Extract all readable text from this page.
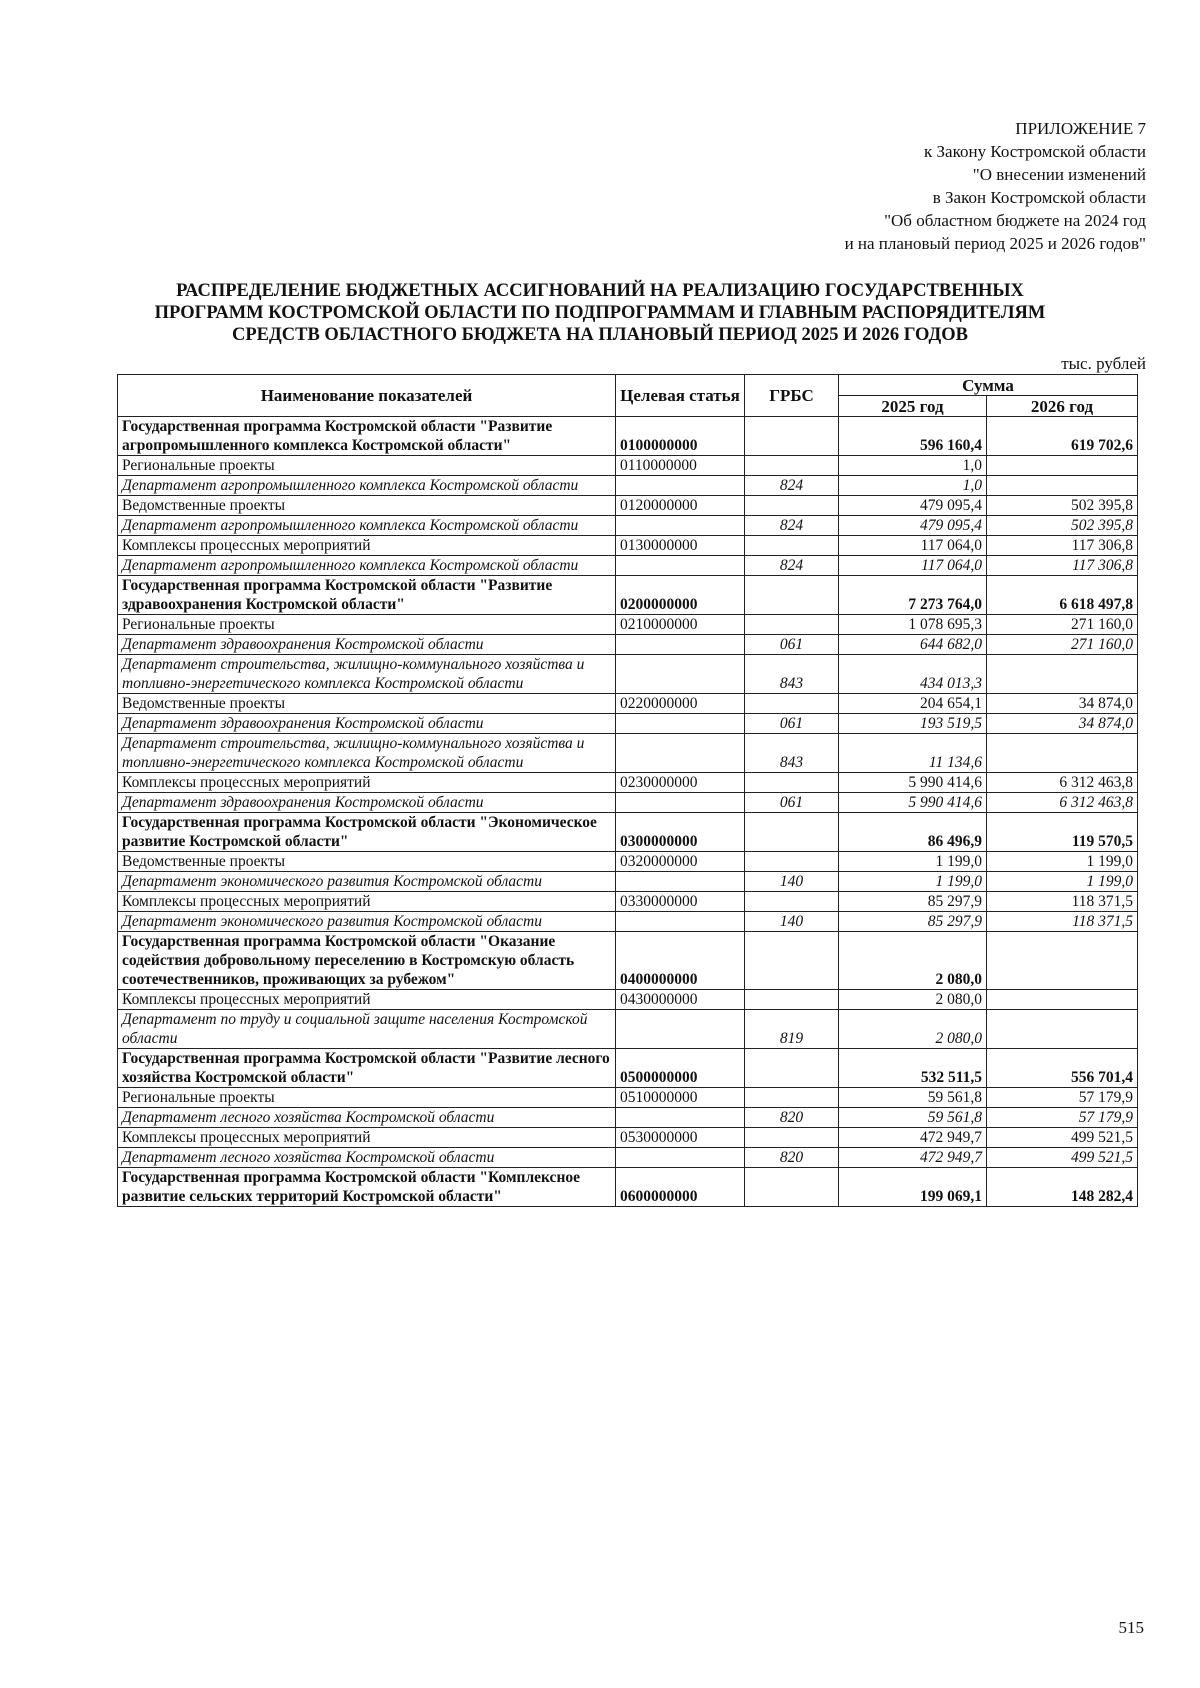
ПРИЛОЖЕНИЕ 7
к Закону Костромской области
"О внесении изменений
в Закон Костромской области
"Об областном бюджете на 2024 год
и на плановый период 2025 и 2026 годов"
РАСПРЕДЕЛЕНИЕ БЮДЖЕТНЫХ АССИГНОВАНИЙ НА РЕАЛИЗАЦИЮ ГОСУДАРСТВЕННЫХ
ПРОГРАММ КОСТРОМСКОЙ ОБЛАСТИ ПО ПОДПРОГРАММАМ И ГЛАВНЫМ РАСПОРЯДИТЕЛЯМ
СРЕДСТВ ОБЛАСТНОГО БЮДЖЕТА НА ПЛАНОВЫЙ ПЕРИОД 2025 И 2026 ГОДОВ
тыс. рублей
Наименование показателей	Целевая статья	ГРБС	Сумма	
			2025 год	2026 год
Государственная программа Костромской области "Развитие агропромышленного комплекса Костромской области"	0100000000		596 160,4	619 702,6
Региональные проекты	0110000000		1,0	
Департамент агропромышленного комплекса Костромской области		824	1,0	
Ведомственные проекты	0120000000		479 095,4	502 395,8
Департамент агропромышленного комплекса Костромской области		824	479 095,4	502 395,8
Комплексы процессных мероприятий	0130000000		117 064,0	117 306,8
Департамент агропромышленного комплекса Костромской области		824	117 064,0	117 306,8
Государственная программа Костромской области "Развитие здравоохранения Костромской области"	0200000000		7 273 764,0	6 618 497,8
Региональные проекты	0210000000		1 078 695,3	271 160,0
Департамент здравоохранения Костромской области		061	644 682,0	271 160,0
Департамент строительства, жилищно-коммунального хозяйства и топливно-энергетического комплекса Костромской области		843	434 013,3	
Ведомственные проекты	0220000000		204 654,1	34 874,0
Департамент здравоохранения Костромской области		061	193 519,5	34 874,0
Департамент строительства, жилищно-коммунального хозяйства и топливно-энергетического комплекса Костромской области		843	11 134,6	
Комплексы процессных мероприятий	0230000000		5 990 414,6	6 312 463,8
Департамент здравоохранения Костромской области		061	5 990 414,6	6 312 463,8
Государственная программа Костромской области "Экономическое развитие Костромской области"	0300000000		86 496,9	119 570,5
Ведомственные проекты	0320000000		1 199,0	1 199,0
Департамент экономического развития Костромской области		140	1 199,0	1 199,0
Комплексы процессных мероприятий	0330000000		85 297,9	118 371,5
Департамент экономического развития Костромской области		140	85 297,9	118 371,5
Государственная программа Костромской области "Оказание содействия добровольному переселению в Костромскую область соотечественников, проживающих за рубежом"	0400000000		2 080,0	
Комплексы процессных мероприятий	0430000000		2 080,0	
Департамент по труду и социальной защите населения Костромской области		819	2 080,0	
Государственная программа Костромской области "Развитие лесного хозяйства Костромской области"	0500000000		532 511,5	556 701,4
Региональные проекты	0510000000		59 561,8	57 179,9
Департамент лесного хозяйства Костромской области		820	59 561,8	57 179,9
Комплексы процессных мероприятий	0530000000		472 949,7	499 521,5
Департамент лесного хозяйства Костромской области		820	472 949,7	499 521,5
Государственная программа Костромской области "Комплексное развитие сельских территорий Костромской области"	0600000000		199 069,1	148 282,4
515
